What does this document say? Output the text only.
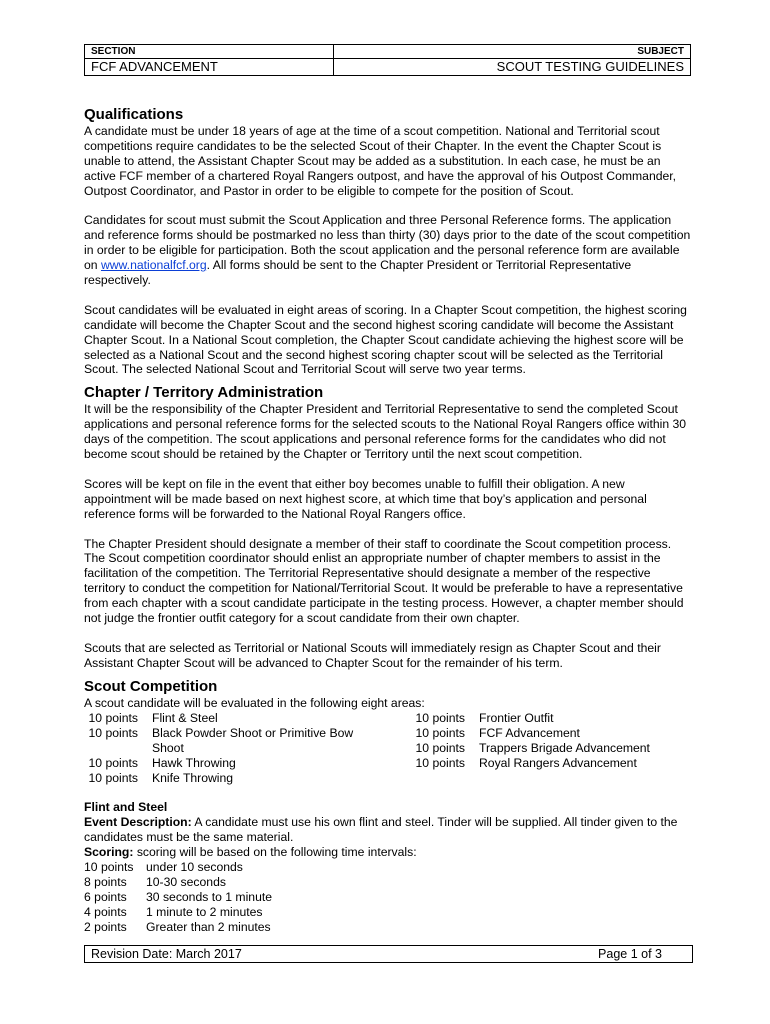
SECTION	SUBJECT
FCF ADVANCEMENT	SCOUT TESTING GUIDELINES
Qualifications

A candidate must be under 18 years of age at the time of a scout competition. National and Territorial scout competitions require candidates to be the selected Scout of their Chapter. In the event the Chapter Scout is unable to attend, the Assistant Chapter Scout may be added as a substitution. In each case, he must be an active FCF member of a chartered Royal Rangers outpost, and have the approval of his Outpost Commander, Outpost Coordinator, and Pastor in order to be eligible to compete for the position of Scout.

Candidates for scout must submit the Scout Application and three Personal Reference forms. The application and reference forms should be postmarked no less than thirty (30) days prior to the date of the scout competition in order to be eligible for participation. Both the scout application and the personal reference form are available on www.nationalfcf.org. All forms should be sent to the Chapter President or Territorial Representative respectively.

Scout candidates will be evaluated in eight areas of scoring. In a Chapter Scout competition, the highest scoring candidate will become the Chapter Scout and the second highest scoring candidate will become the Assistant Chapter Scout. In a National Scout completion, the Chapter Scout candidate achieving the highest score will be selected as a National Scout and the second highest scoring chapter scout will be selected as the Territorial Scout. The selected National Scout and Territorial Scout will serve two year terms.

Chapter / Territory Administration

It will be the responsibility of the Chapter President and Territorial Representative to send the completed Scout applications and personal reference forms for the selected scouts to the National Royal Rangers office within 30 days of the competition. The scout applications and personal reference forms for the candidates who did not become scout should be retained by the Chapter or Territory until the next scout competition.

Scores will be kept on file in the event that either boy becomes unable to fulfill their obligation. A new appointment will be made based on next highest score, at which time that boy’s application and personal reference forms will be forwarded to the National Royal Rangers office.

The Chapter President should designate a member of their staff to coordinate the Scout competition process. The Scout competition coordinator should enlist an appropriate number of chapter members to assist in the facilitation of the competition. The Territorial Representative should designate a member of the respective territory to conduct the competition for National/Territorial Scout. It would be preferable to have a representative from each chapter with a scout candidate participate in the testing process. However, a chapter member should not judge the frontier outfit category for a scout candidate from their own chapter.

Scouts that are selected as Territorial or National Scouts will immediately resign as Chapter Scout and their Assistant Chapter Scout will be advanced to Chapter Scout for the remainder of his term.

Scout Competition

A scout candidate will be evaluated in the following eight areas:

10 points Flint & Steel
10 points Black Powder Shoot or Primitive Bow
Shoot
10 points Hawk Throwing
10 points Knife Throwing
10 points Frontier Outfit
10 points FCF Advancement
10 points Trappers Brigade Advancement
10 points Royal Rangers Advancement

Flint and Steel

Event Description: A candidate must use his own flint and steel. Tinder will be supplied. All tinder given to the candidates must be the same material.

Scoring: scoring will be based on the following time intervals:

10 points under 10 seconds
8 points 10-30 seconds
6 points 30 seconds to 1 minute
4 points 1 minute to 2 minutes
2 points Greater than 2 minutes
Revision Date: March 2017	Page 1 of 3
